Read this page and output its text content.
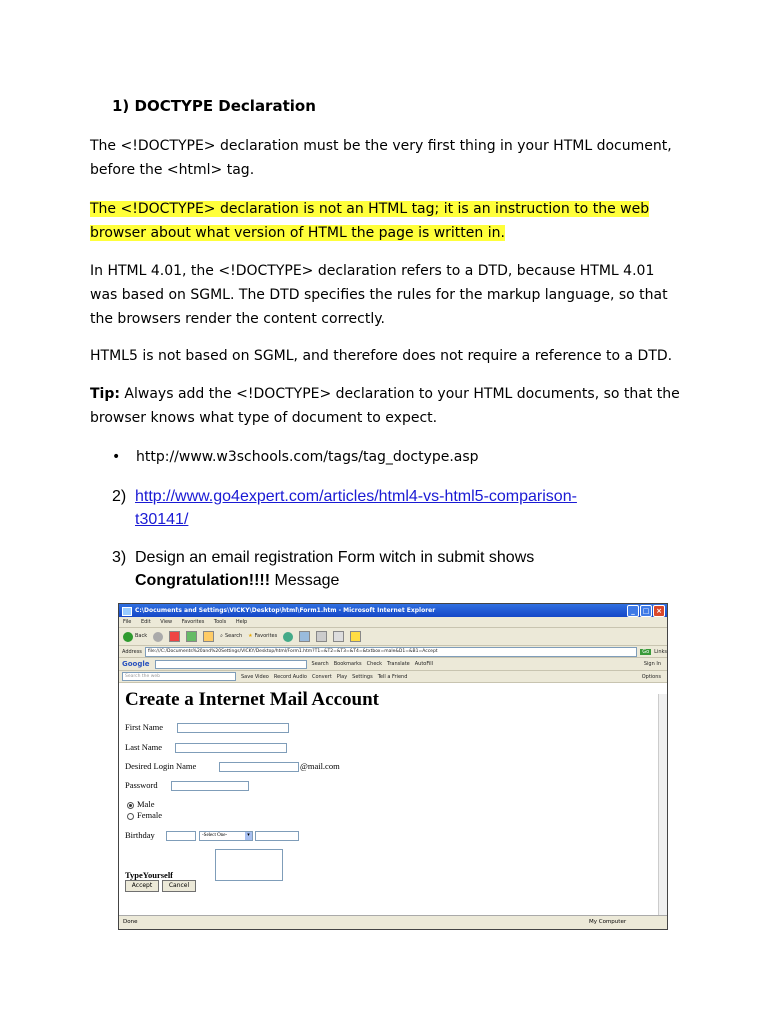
1) DOCTYPE Declaration
The <!DOCTYPE> declaration must be the very first thing in your HTML document,
before the <html> tag.
The <!DOCTYPE> declaration is not an HTML tag; it is an instruction to the web
browser about what version of HTML the page is written in.
In HTML 4.01, the <!DOCTYPE> declaration refers to a DTD, because HTML 4.01
was based on SGML. The DTD specifies the rules for the markup language, so that
the browsers render the content correctly.
HTML5 is not based on SGML, and therefore does not require a reference to a DTD.
Tip: Always add the <!DOCTYPE> declaration to your HTML documents, so that the
browser knows what type of document to expect.
• http://www.w3schools.com/tags/tag_doctype.asp
2) http://www.go4expert.com/articles/html4-vs-html5-comparison-
t30141/
3) Design an email registration Form witch in submit shows
Congratulation!!!! Message
C:\Documents and Settings\VICKY\Desktop\html\Form1.htm - Microsoft Internet Explorer	_	□ ×
File Edit View Favorites Tools Help
Back	⌕ Search ★ Favorites
Address	file:///C:/Documents%20and%20Settings/VICKY/Desktop/html/Form1.htm?T1=&T2=&T3=&T4=&txtbox=male&D1=&B1=Accept	Go	Links
Google	Search Bookmarks Check Translate AutoFill	Sign In
Search the web	Save Video Record Audio Convert Play Settings Tell a Friend	Options
Create a Internet Mail Account
First Name
Last Name
Desired Login Name	@mail.com
Password
Male
Female
Birthday	-Select One-	▾
TypeYourself
Accept	Cancel
Done	My Computer
